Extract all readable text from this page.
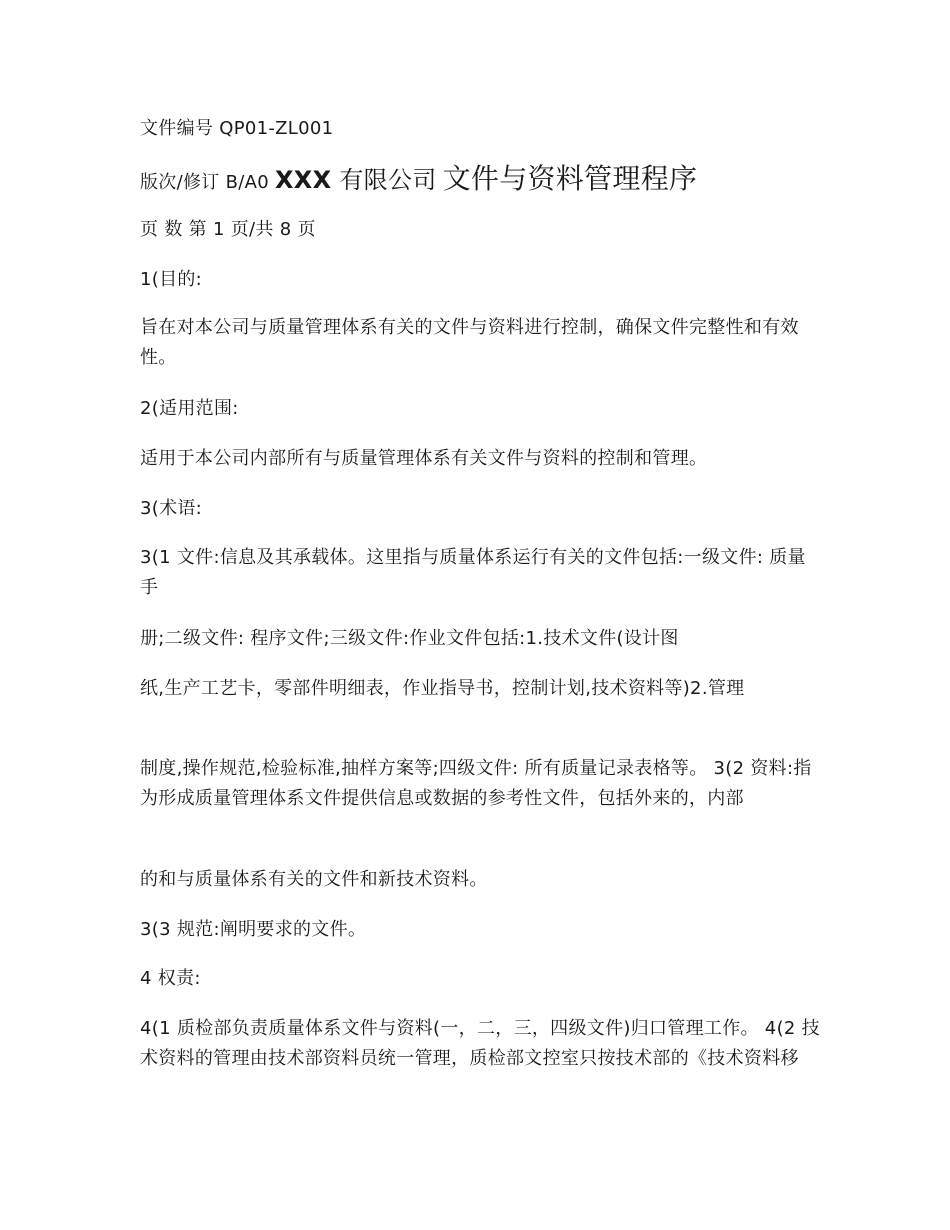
文件编号 QP01-ZL001
版次/修订 B/A0 XXX 有限公司 文件与资料管理程序
页 数 第 1 页/共 8 页
1(目的:
旨在对本公司与质量管理体系有关的文件与资料进行控制，确保文件完整性和有效性。
2(适用范围:
适用于本公司内部所有与质量管理体系有关文件与资料的控制和管理。
3(术语:
3(1 文件:信息及其承载体。这里指与质量体系运行有关的文件包括:一级文件: 质量手
册;二级文件: 程序文件;三级文件:作业文件包括:1.技术文件(设计图
纸,生产工艺卡，零部件明细表，作业指导书，控制计划,技术资料等)2.管理
制度,操作规范,检验标准,抽样方案等;四级文件: 所有质量记录表格等。 3(2 资料:指为形成质量管理体系文件提供信息或数据的参考性文件，包括外来的，内部
的和与质量体系有关的文件和新技术资料。
3(3 规范:阐明要求的文件。
4 权责:
4(1 质检部负责质量体系文件与资料(一，二，三，四级文件)归口管理工作。 4(2 技术资料的管理由技术部资料员统一管理，质检部文控室只按技术部的《技术资料移
